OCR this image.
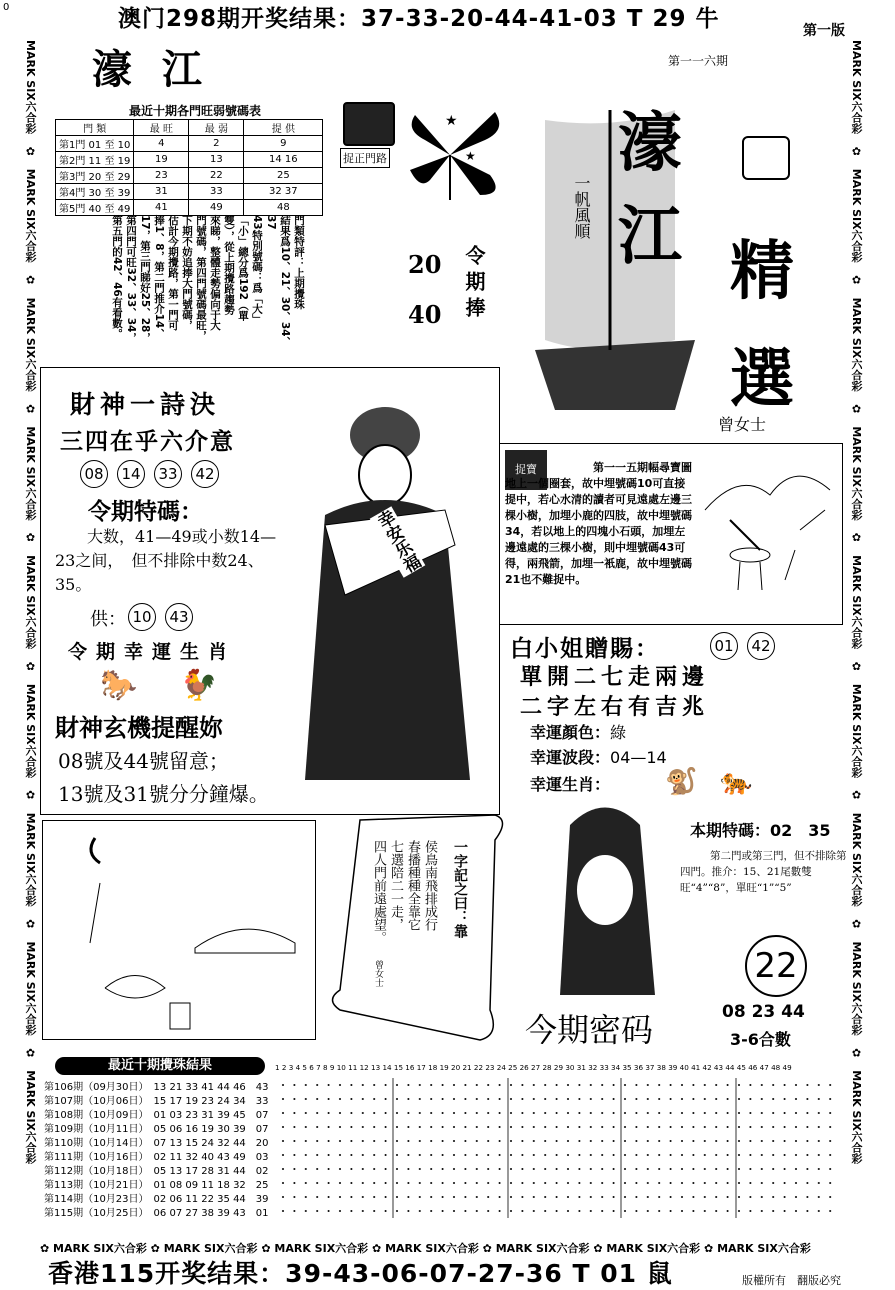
0	澳门298期开奖结果：37-33-20-44-41-03 T 29 牛	第一版
濠 江	第一一六期
MARK SIX六合彩　✿　MARK SIX六合彩　✿　MARK SIX六合彩　✿　MARK SIX六合彩　✿　MARK SIX六合彩　✿　MARK SIX六合彩　✿　MARK SIX六合彩　✿　MARK SIX六合彩　✿　MARK SIX六合彩
MARK SIX六合彩　✿　MARK SIX六合彩　✿　MARK SIX六合彩　✿　MARK SIX六合彩　✿　MARK SIX六合彩　✿　MARK SIX六合彩　✿　MARK SIX六合彩　✿　MARK SIX六合彩　✿　MARK SIX六合彩
✿ MARK SIX六合彩 ✿ MARK SIX六合彩 ✿ MARK SIX六合彩 ✿ MARK SIX六合彩 ✿ MARK SIX六合彩 ✿ MARK SIX六合彩 ✿ MARK SIX六合彩
最近十期各門旺弱號碼表
門 類	最 旺	最 弱	提 供
第1門 01 至 10	4	2	9
第2門 11 至 19	19	13	14 16
第3門 20 至 29	23	22	25
第4門 30 至 39	31	33	32 37
第5門 40 至 49	41	49	48
捉正門路
門類特評：上期攪珠
結果爲10、21、30、34、37
43特別號碼：爲「大」
「小」總分爲192（單
雙），從上期攪路趨勢
來睇，整體走勢偏向于大
門號碼，第四門號碼最旺，
下期不妨追捧大門號碼，
估計今期攪路，第一門可
捧1、8，第二門推介14、
17，第三門睇好25、28，
第四門可旺32、33、34，
第五門的42、46有看數。	20
40 令期捧
★
★ 濠
江 精
選
一帆風順
曾女士
財神一詩決
三四在乎六介意
08 14 33 42
令期特碼：
大数，41—49或小数14—23之间，　但不排除中数24、35。
供： 10 43
令期幸運生肖
🐎 🐓
財神玄機提醒妳
08號及44號留意；
13號及31號分分鐘爆。
幸安乐福
捉寶	第一一五期幅尋寶圖地上一個圈套，故中埋號碼10可直接提中，若心水清的讀者可見遠處左邊三棵小樹，加埋小鹿的四肢，故中埋號碼34，若以地上的四塊小石頭，加埋左邊遠處的三棵小樹，則中埋號碼43可得，兩飛箭，加埋一衹鹿，故中埋號碼21也不難捉中。
白小姐贈賜：	01 42
單開二七走兩邊
二字左右有吉兆
幸運顏色：綠
幸運波段：04—14
幸運生肖： 🐒 🐅
本期特碼：02　35
第二門或第三門，但不排除第四門。推介：15、21尾數雙旺“4”“8”，單旺“1”“5”
侯鳥南飛排成行
春播種種全靠它
七選陪二一走，
四人門前遠處望。	一字記之曰：靠
曾女士	22
今期密码	08 23 44
3-6合數
最近十期攪珠結果	1 2 3 4 5 6 7 8 9 10 11 12 13 14 15 16 17 18 19 20 21 22 23 24 25 26 27 28 29 30 31 32 33 34 35 36 37 38 39 40 41 42 43 44 45 46 47 48 49
第106期（09月30日）　 13 21 33 41 44 46　 43
第107期（10月06日）　 15 17 19 23 24 34　 33
第108期（10月09日）　 01 03 23 31 39 45　 07
第109期（10月11日）　 05 06 16 19 30 39　 07
第110期（10月14日）　 07 13 15 24 32 44　 20
第111期（10月16日）　 02 11 32 40 43 49　 03
第112期（10月18日）　 05 13 17 28 31 44　 02
第113期（10月21日）　 01 08 09 11 18 32　 25
第114期（10月23日）　 02 06 11 22 35 44　 39
第115期（10月25日）　 06 07 27 38 39 43　 01
香港115开奖结果：39-43-06-07-27-36 T 01 鼠	版權所有　翻版必究
